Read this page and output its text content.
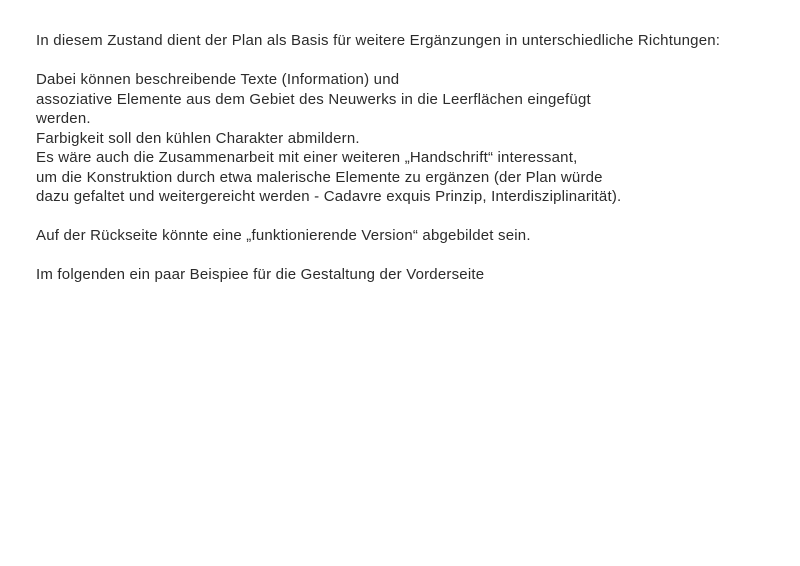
In diesem Zustand dient der Plan als Basis für weitere Ergänzungen in unterschiedliche Richtungen:
Dabei können beschreibende Texte (Information) und
assoziative Elemente aus dem Gebiet des Neuwerks in die Leerflächen eingefügt
werden.
Farbigkeit soll den kühlen Charakter abmildern.
Es wäre auch die Zusammenarbeit mit einer weiteren „Handschrift“ interessant,
um die Konstruktion durch etwa malerische Elemente zu ergänzen (der Plan würde
dazu gefaltet und weitergereicht werden - Cadavre exquis Prinzip, Interdisziplinarität).
Auf der Rückseite könnte eine „funktionierende Version“ abgebildet sein.
Im folgenden ein paar Beispiee für die Gestaltung der Vorderseite
